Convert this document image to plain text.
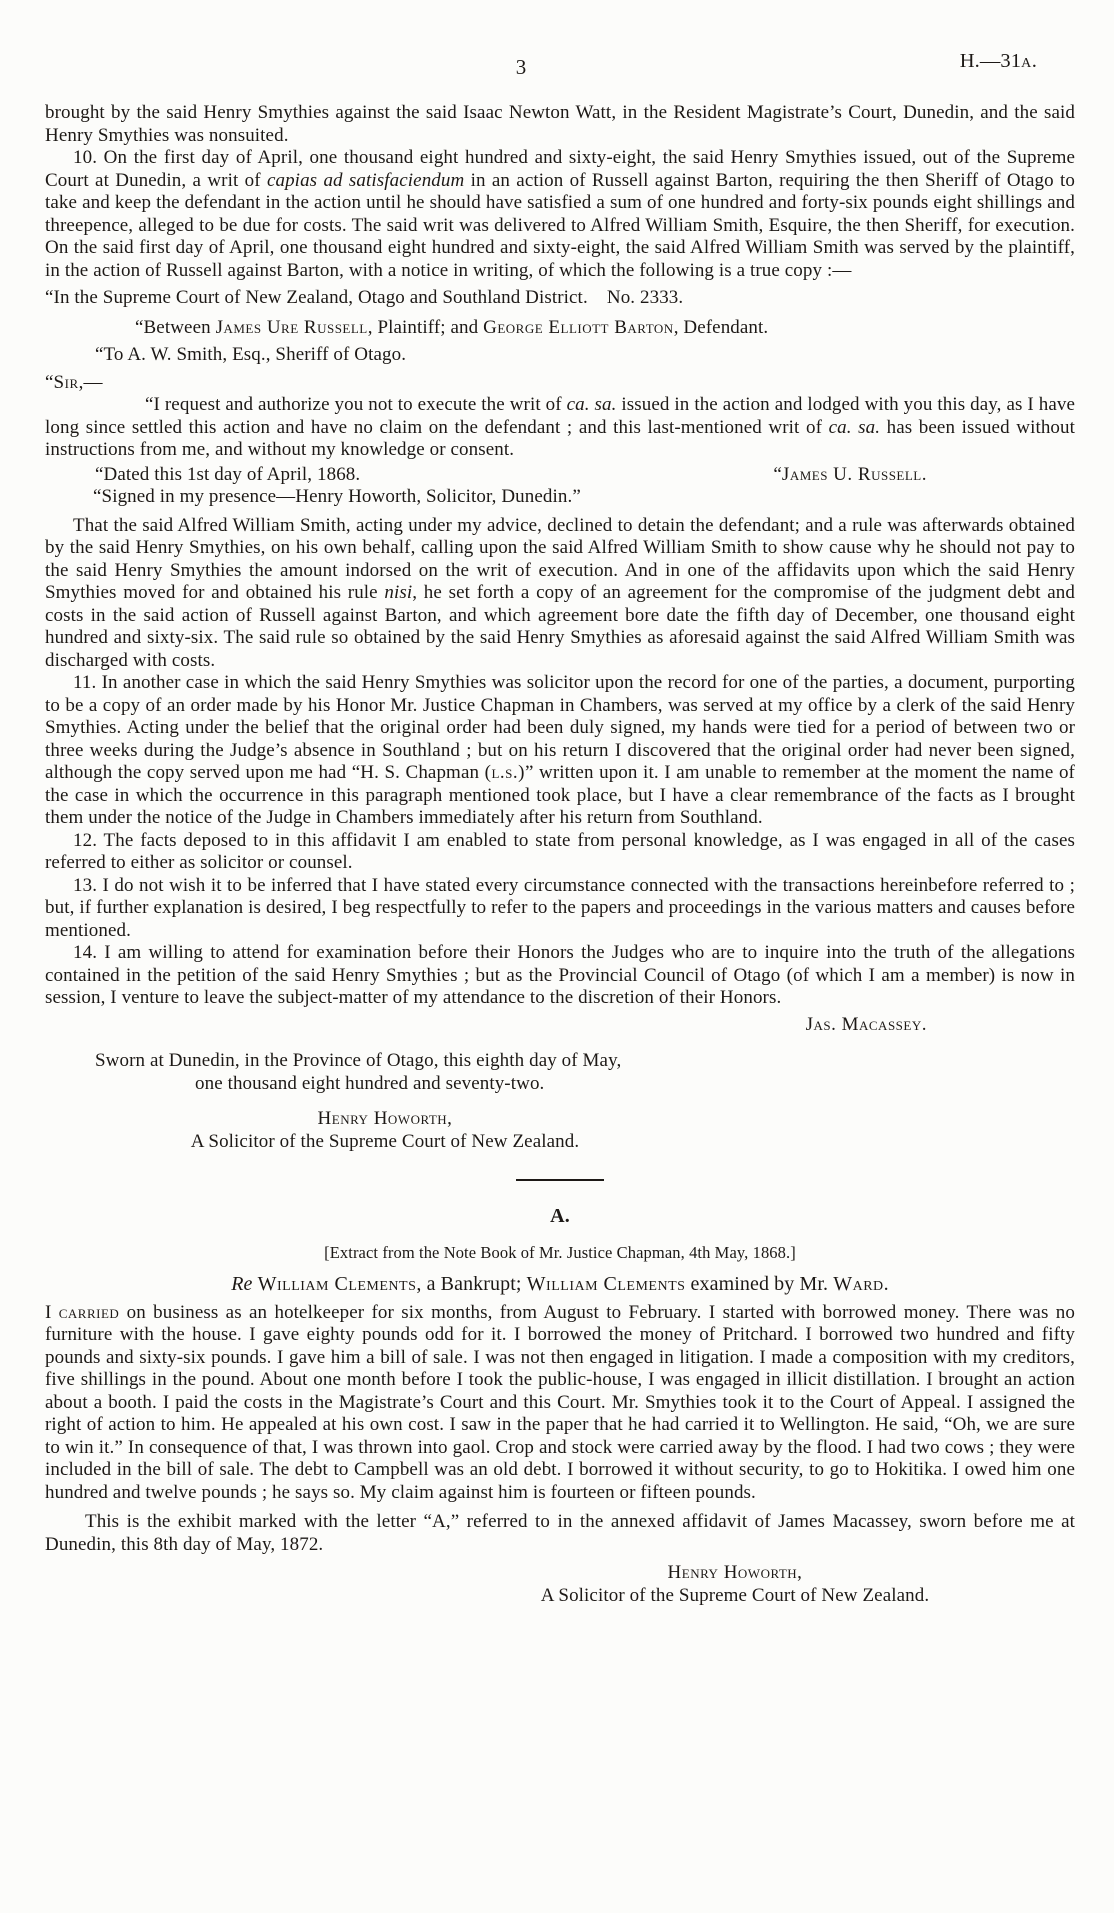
3	H.—31a.

brought by the said Henry Smythies against the said Isaac Newton Watt, in the Resident Magistrate’s Court, Dunedin, and the said Henry Smythies was nonsuited.

10. On the first day of April, one thousand eight hundred and sixty-eight, the said Henry Smythies issued, out of the Supreme Court at Dunedin, a writ of capias ad satisfaciendum in an action of Russell against Barton, requiring the then Sheriff of Otago to take and keep the defendant in the action until he should have satisfied a sum of one hundred and forty-six pounds eight shillings and threepence, alleged to be due for costs. The said writ was delivered to Alfred William Smith, Esquire, the then Sheriff, for execution. On the said first day of April, one thousand eight hundred and sixty-eight, the said Alfred William Smith was served by the plaintiff, in the action of Russell against Barton, with a notice in writing, of which the following is a true copy :—

“In the Supreme Court of New Zealand, Otago and Southland District. No. 2333.

“Between James Ure Russell, Plaintiff; and George Elliott Barton, Defendant.

“To A. W. Smith, Esq., Sheriff of Otago.

“Sir,—

“I request and authorize you not to execute the writ of ca. sa. issued in the action and lodged with you this day, as I have long since settled this action and have no claim on the defendant ; and this last-mentioned writ of ca. sa. has been issued without instructions from me, and without my knowledge or consent.

“Dated this 1st day of April, 1868.	“James U. Russell.

“Signed in my presence—Henry Howorth, Solicitor, Dunedin.”

That the said Alfred William Smith, acting under my advice, declined to detain the defendant; and a rule was afterwards obtained by the said Henry Smythies, on his own behalf, calling upon the said Alfred William Smith to show cause why he should not pay to the said Henry Smythies the amount indorsed on the writ of execution. And in one of the affidavits upon which the said Henry Smythies moved for and obtained his rule nisi, he set forth a copy of an agreement for the compromise of the judgment debt and costs in the said action of Russell against Barton, and which agreement bore date the fifth day of December, one thousand eight hundred and sixty-six. The said rule so obtained by the said Henry Smythies as aforesaid against the said Alfred William Smith was discharged with costs.

11. In another case in which the said Henry Smythies was solicitor upon the record for one of the parties, a document, purporting to be a copy of an order made by his Honor Mr. Justice Chapman in Chambers, was served at my office by a clerk of the said Henry Smythies. Acting under the belief that the original order had been duly signed, my hands were tied for a period of between two or three weeks during the Judge’s absence in Southland ; but on his return I discovered that the original order had never been signed, although the copy served upon me had “H. S. Chapman (l.s.)” written upon it. I am unable to remember at the moment the name of the case in which the occurrence in this paragraph mentioned took place, but I have a clear remembrance of the facts as I brought them under the notice of the Judge in Chambers immediately after his return from Southland.

12. The facts deposed to in this affidavit I am enabled to state from personal knowledge, as I was engaged in all of the cases referred to either as solicitor or counsel.

13. I do not wish it to be inferred that I have stated every circumstance connected with the transactions hereinbefore referred to ; but, if further explanation is desired, I beg respectfully to refer to the papers and proceedings in the various matters and causes before mentioned.

14. I am willing to attend for examination before their Honors the Judges who are to inquire into the truth of the allegations contained in the petition of the said Henry Smythies ; but as the Provincial Council of Otago (of which I am a member) is now in session, I venture to leave the subject-matter of my attendance to the discretion of their Honors.

Jas. Macassey.

Sworn at Dunedin, in the Province of Otago, this eighth day of May,

one thousand eight hundred and seventy-two.

Henry Howorth,

A Solicitor of the Supreme Court of New Zealand.

A.

[Extract from the Note Book of Mr. Justice Chapman, 4th May, 1868.]

Re William Clements, a Bankrupt; William Clements examined by Mr. Ward.

I carried on business as an hotelkeeper for six months, from August to February. I started with borrowed money. There was no furniture with the house. I gave eighty pounds odd for it. I borrowed the money of Pritchard. I borrowed two hundred and fifty pounds and sixty-six pounds. I gave him a bill of sale. I was not then engaged in litigation. I made a composition with my creditors, five shillings in the pound. About one month before I took the public-house, I was engaged in illicit distillation. I brought an action about a booth. I paid the costs in the Magistrate’s Court and this Court. Mr. Smythies took it to the Court of Appeal. I assigned the right of action to him. He appealed at his own cost. I saw in the paper that he had carried it to Wellington. He said, “Oh, we are sure to win it.” In consequence of that, I was thrown into gaol. Crop and stock were carried away by the flood. I had two cows ; they were included in the bill of sale. The debt to Campbell was an old debt. I borrowed it without security, to go to Hokitika. I owed him one hundred and twelve pounds ; he says so. My claim against him is fourteen or fifteen pounds.

This is the exhibit marked with the letter “A,” referred to in the annexed affidavit of James Macassey, sworn before me at Dunedin, this 8th day of May, 1872.

Henry Howorth,

A Solicitor of the Supreme Court of New Zealand.
